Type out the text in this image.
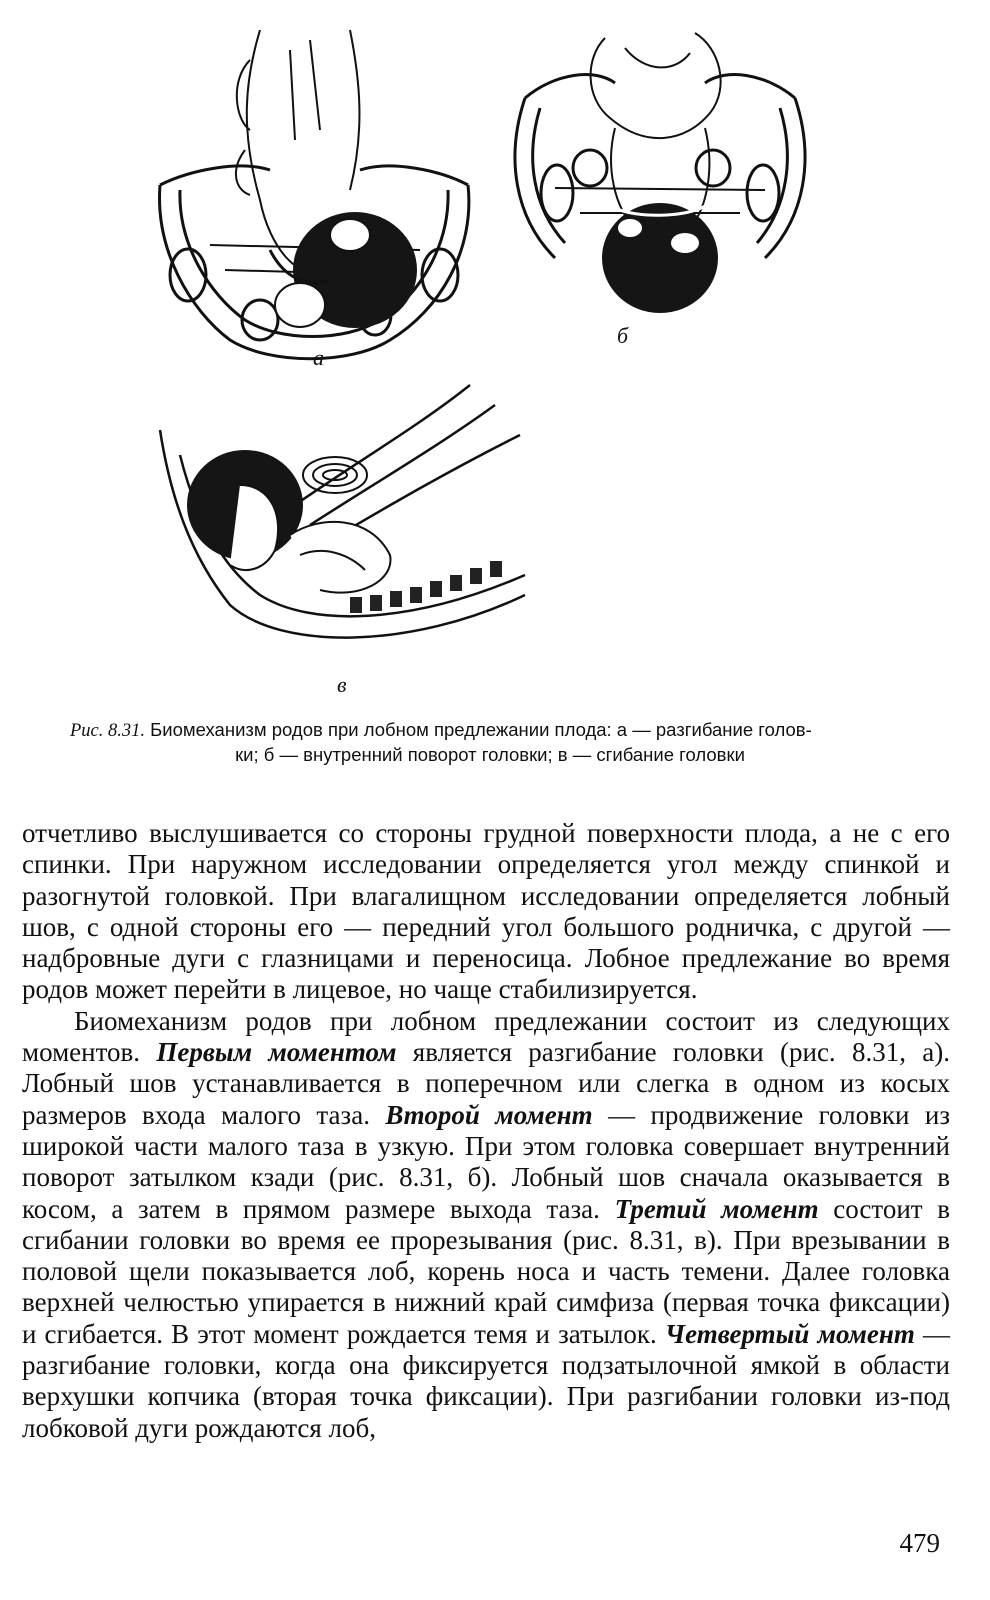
а
б
в
Рис. 8.31. Биомеханизм родов при лобном предлежании плода: а — разгибание голов-
ки; б — внутренний поворот головки; в — сгибание головки

отчетливо выслушивается со стороны грудной поверхности плода, а не с его спинки. При наружном исследовании определяется угол между спинкой и разогнутой головкой. При влагалищном исследовании определяется лобный шов, с одной стороны его — передний угол большого родничка, с другой — надбровные дуги с глазницами и переносица. Лобное предлежание во время родов может перейти в лицевое, но чаще стабилизируется.

Биомеханизм родов при лобном предлежании состоит из следующих моментов. Первым моментом является разгибание головки (рис. 8.31, а). Лобный шов устанавливается в поперечном или слегка в одном из косых размеров входа малого таза. Второй момент — продвижение головки из широкой части малого таза в узкую. При этом головка совершает внутренний поворот затылком кзади (рис. 8.31, б). Лобный шов сначала оказывается в косом, а затем в прямом размере выхода таза. Третий момент состоит в сгибании головки во время ее прорезывания (рис. 8.31, в). При врезывании в половой щели показывается лоб, корень носа и часть темени. Далее головка верхней челюстью упирается в нижний край симфиза (первая точка фиксации) и сгибается. В этот момент рождается темя и затылок. Четвертый момент — разгибание головки, когда она фиксируется подзатылочной ямкой в области верхушки копчика (вторая точка фиксации). При разгибании головки из-под лобковой дуги рождаются лоб,

479
